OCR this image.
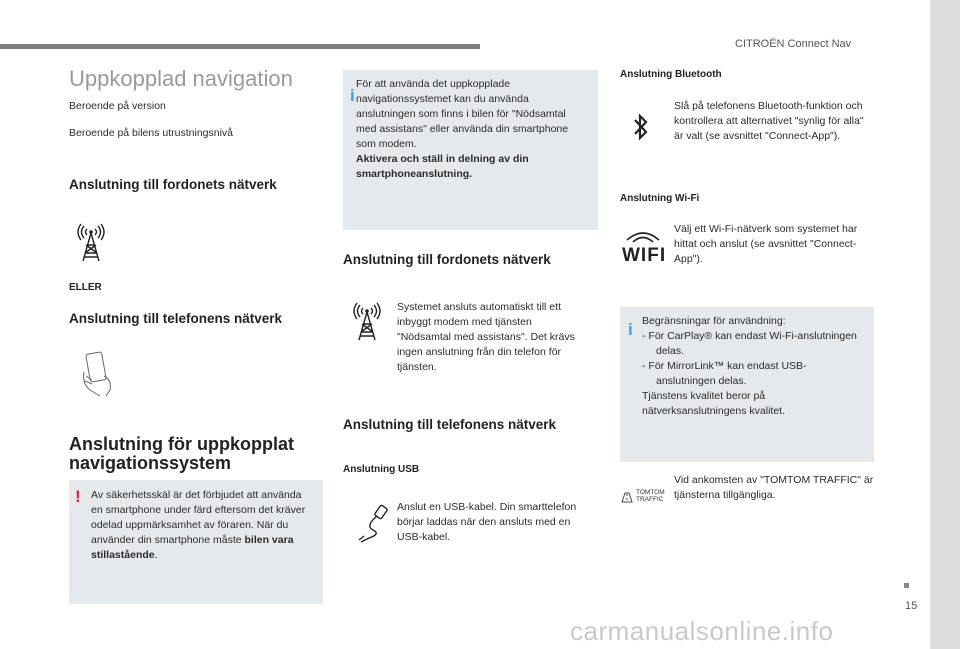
CITROËN Connect Nav
Uppkopplad navigation
Beroende på version
Beroende på bilens utrustningsnivå
Anslutning till fordonets nätverk
ELLER
Anslutning till telefonens nätverk
Anslutning för uppkopplat navigationssystem
! Av säkerhetsskäl är det förbjudet att använda en smartphone under färd eftersom det kräver odelad uppmärksamhet av föraren. När du använder din smartphone måste bilen vara stillastående.
i
För att använda det uppkopplade navigationssystemet kan du använda anslutningen som finns i bilen för "Nödsamtal med assistans" eller använda din smartphone som modem.
Aktivera och ställ in delning av din smartphoneanslutning.
Anslutning till fordonets nätverk
Systemet ansluts automatiskt till ett inbyggt modem med tjänsten "Nödsamtal med assistans". Det krävs ingen anslutning från din telefon för tjänsten.
Anslutning till telefonens nätverk
Anslutning USB
Anslut en USB-kabel. Din smarttelefon börjar laddas när den ansluts med en USB-kabel.
Anslutning Bluetooth
Slå på telefonens Bluetooth-funktion och kontrollera att alternativet "synlig för alla" är valt (se avsnittet "Connect-App").
Anslutning Wi-Fi
WIFI
Välj ett Wi-Fi-nätverk som systemet har hittat och anslut (se avsnittet "Connect-App").
i Begränsningar för användning:
- För CarPlay® kan endast Wi-Fi-anslutningen delas.
- För MirrorLink™ kan endast USB-anslutningen delas.
Tjänstens kvalitet beror på nätverksanslutningens kvalitet.
TOMTOM
TRAFFIC
Vid ankomsten av "TOMTOM TRAFFIC" är tjänsterna tillgängliga.
15
carmanualsonline.info
